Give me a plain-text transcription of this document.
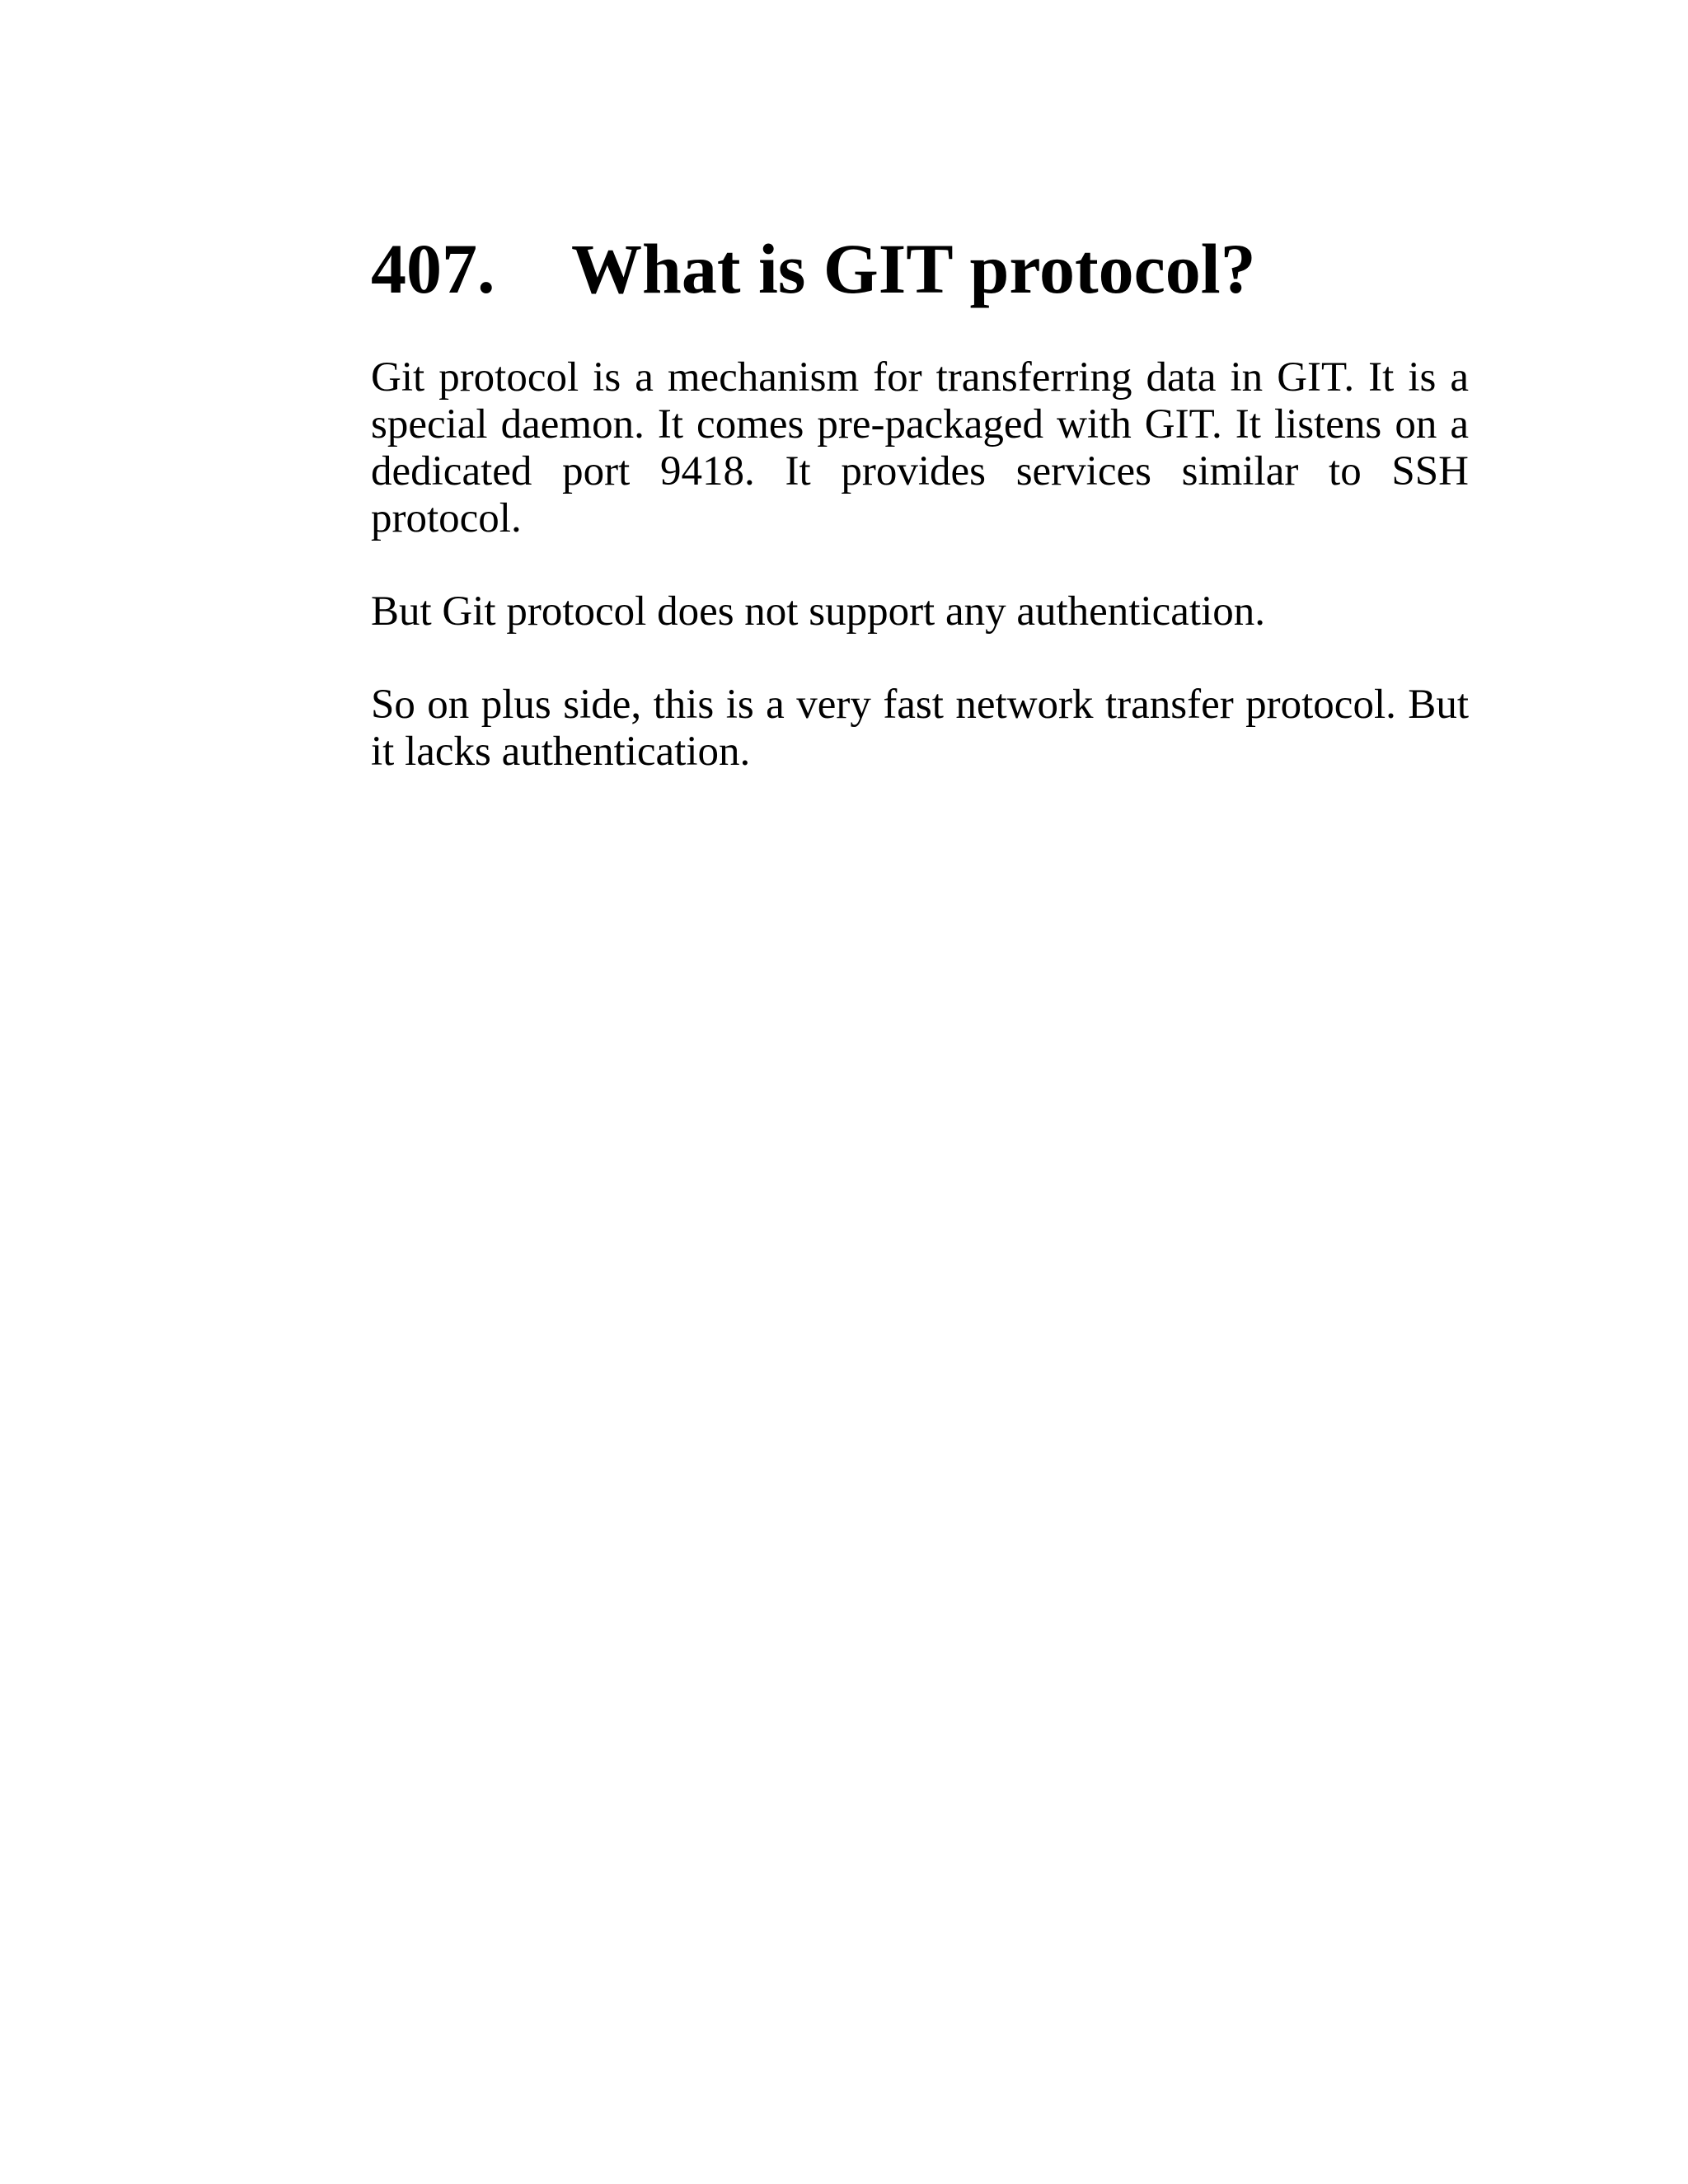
407.	What is GIT protocol?

Git protocol is a mechanism for transferring data in GIT. It is a special daemon. It comes pre-packaged with GIT. It listens on a dedicated port 9418. It provides services similar to SSH protocol.

But Git protocol does not support any authentication.

So on plus side, this is a very fast network transfer protocol. But it lacks authentication.
